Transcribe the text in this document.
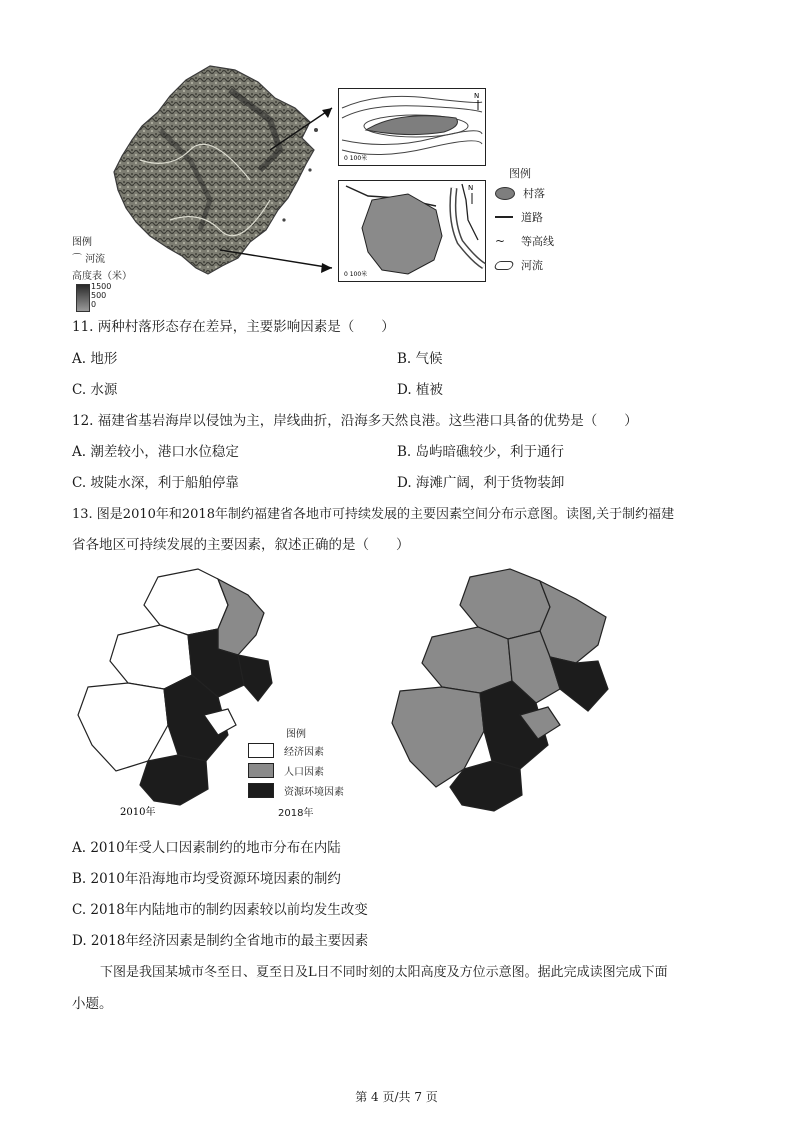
图例
⌒ 河流
高度表（米）
1500
500
0
0 100米
N
0 100米
N
图例
村落
道路
~	等高线
河流
11. 两种村落形态存在差异，主要影响因素是（　　）
A. 地形	B. 气候
C. 水源	D. 植被
12. 福建省基岩海岸以侵蚀为主，岸线曲折，沿海多天然良港。这些港口具备的优势是（　　）
A. 潮差较小，港口水位稳定	B. 岛屿暗礁较少，利于通行
C. 坡陡水深，利于船舶停靠	D. 海滩广阔，利于货物装卸
13. 图是2010年和2018年制约福建省各地市可持续发展的主要因素空间分布示意图。读图,关于制约福建
省各地区可持续发展的主要因素，叙述正确的是（　　）
2010年
图例
经济因素
人口因素
资源环境因素
2018年
A. 2010年受人口因素制约的地市分布在内陆
B. 2010年沿海地市均受资源环境因素的制约
C. 2018年内陆地市的制约因素较以前均发生改变
D. 2018年经济因素是制约全省地市的最主要因素
下图是我国某城市冬至日、夏至日及L日不同时刻的太阳高度及方位示意图。据此完成读图完成下面
小题。
第 4 页/共 7 页
